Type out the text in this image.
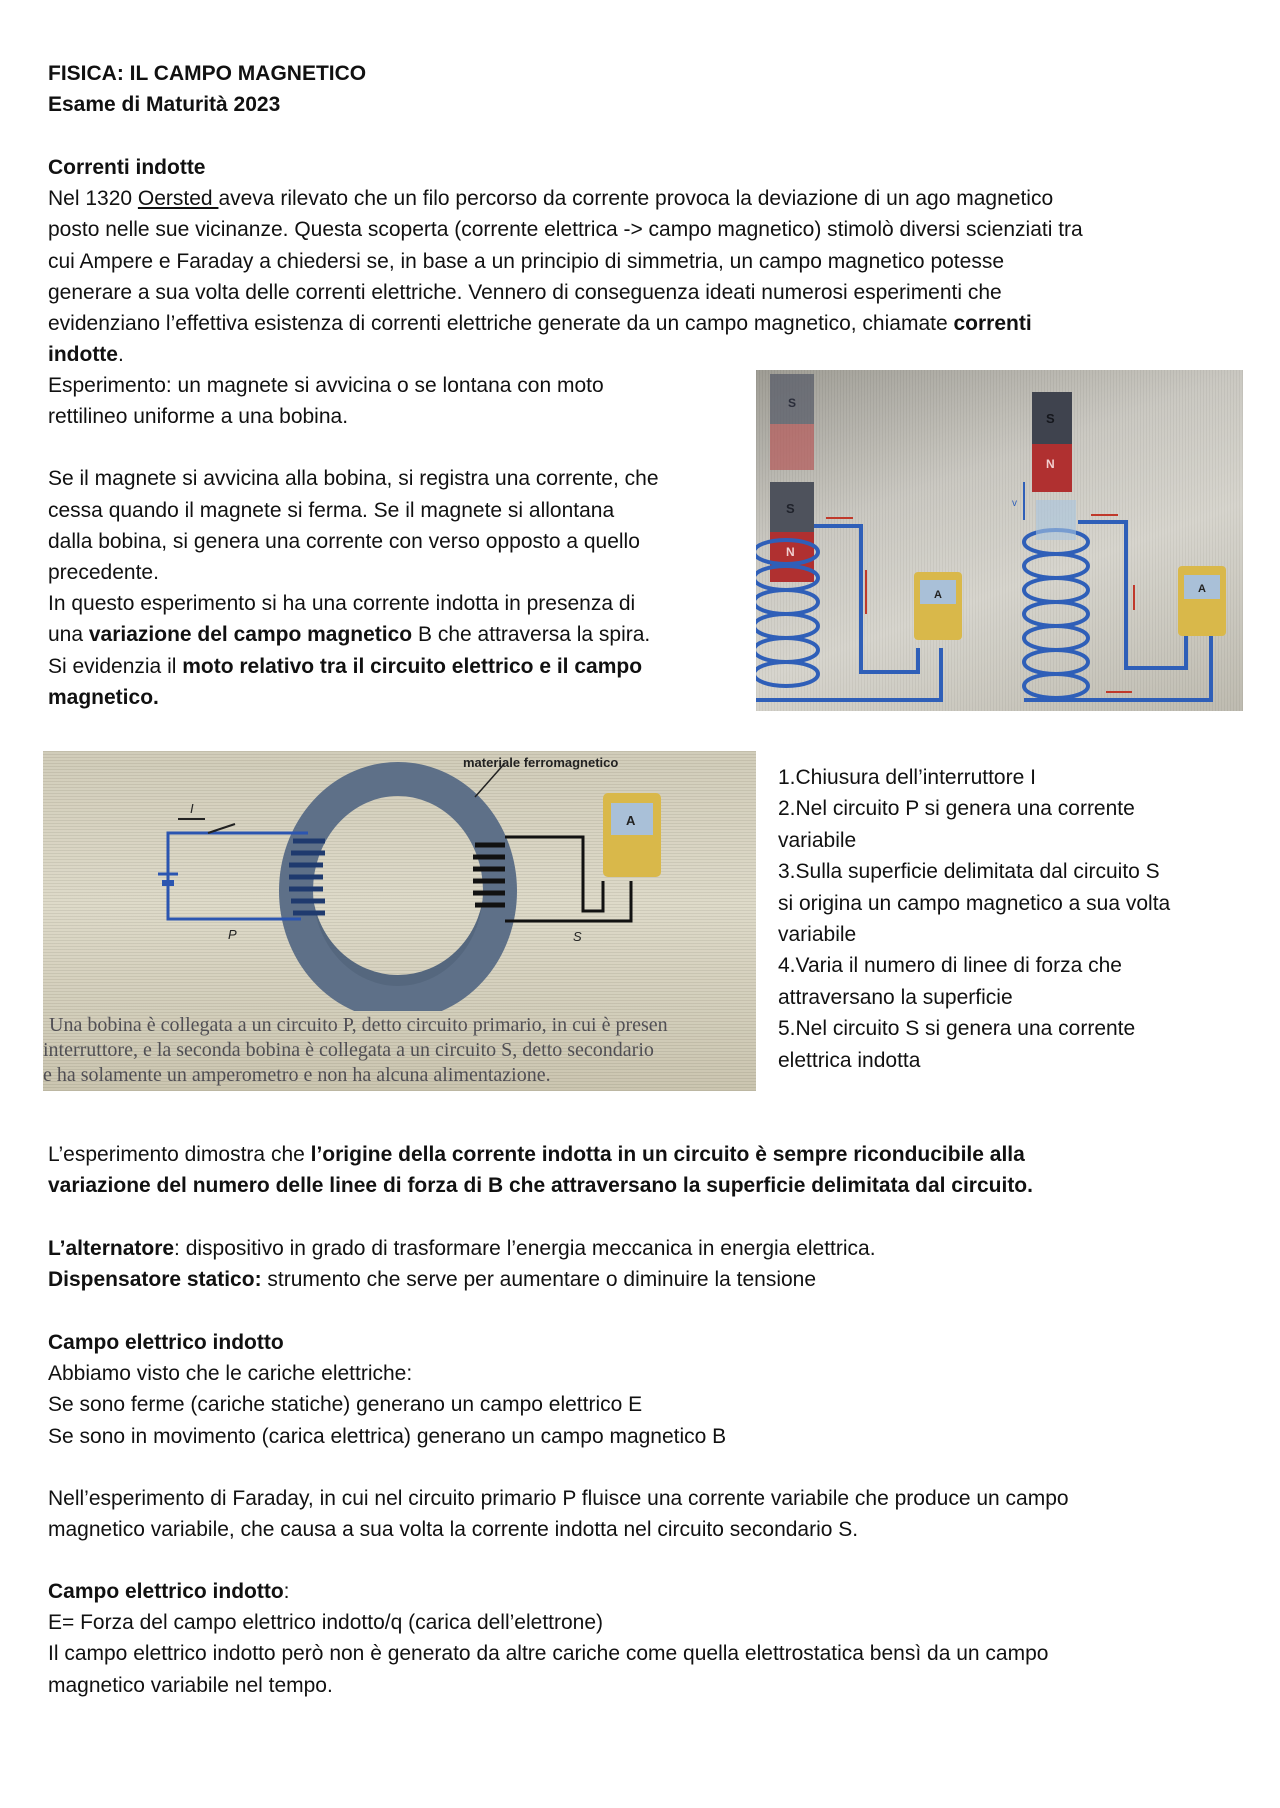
FISICA: IL CAMPO MAGNETICO
Esame di Maturità 2023
Correnti indotte
Nel 1320 Oersted aveva rilevato che un filo percorso da corrente provoca la deviazione di un ago magnetico
posto nelle sue vicinanze. Questa scoperta (corrente elettrica -> campo magnetico) stimolò diversi scienziati tra
cui Ampere e Faraday a chiedersi se, in base a un principio di simmetria, un campo magnetico potesse
generare a sua volta delle correnti elettriche. Vennero di conseguenza ideati numerosi esperimenti che
evidenziano l’effettiva esistenza di correnti elettriche generate da un campo magnetico, chiamate correnti
indotte.
Esperimento: un magnete si avvicina o se lontana con moto
rettilineo uniforme a una bobina.
Se il magnete si avvicina alla bobina, si registra una corrente, che
cessa quando il magnete si ferma. Se il magnete si allontana
dalla bobina, si genera una corrente con verso opposto a quello
precedente.
In questo esperimento si ha una corrente indotta in presenza di
una variazione del campo magnetico B che attraversa la spira.
Si evidenzia il moto relativo tra il circuito elettrico e il campo
magnetico.
S
S
N
S
N
v
A	A
I
P	S
A
materiale ferromagnetico
Una bobina è collegata a un circuito P, detto circuito primario, in cui è presen
interruttore, e la seconda bobina è collegata a un circuito S, detto secondario
e ha solamente un amperometro e non ha alcuna alimentazione.
1.Chiusura dell’interruttore I
2.Nel circuito P si genera una corrente
variabile
3.Sulla superficie delimitata dal circuito S
si origina un campo magnetico a sua volta
variabile
4.Varia il numero di linee di forza che
attraversano la superficie
5.Nel circuito S si genera una corrente
elettrica indotta
L’esperimento dimostra che l’origine della corrente indotta in un circuito è sempre riconducibile alla
variazione del numero delle linee di forza di B che attraversano la superficie delimitata dal circuito.
L’alternatore: dispositivo in grado di trasformare l’energia meccanica in energia elettrica.
Dispensatore statico: strumento che serve per aumentare o diminuire la tensione
Campo elettrico indotto
Abbiamo visto che le cariche elettriche:
Se sono ferme (cariche statiche) generano un campo elettrico E
Se sono in movimento (carica elettrica) generano un campo magnetico B
Nell’esperimento di Faraday, in cui nel circuito primario P fluisce una corrente variabile che produce un campo
magnetico variabile, che causa a sua volta la corrente indotta nel circuito secondario S.
Campo elettrico indotto:
E= Forza del campo elettrico indotto/q (carica dell’elettrone)
Il campo elettrico indotto però non è generato da altre cariche come quella elettrostatica bensì da un campo
magnetico variabile nel tempo.
